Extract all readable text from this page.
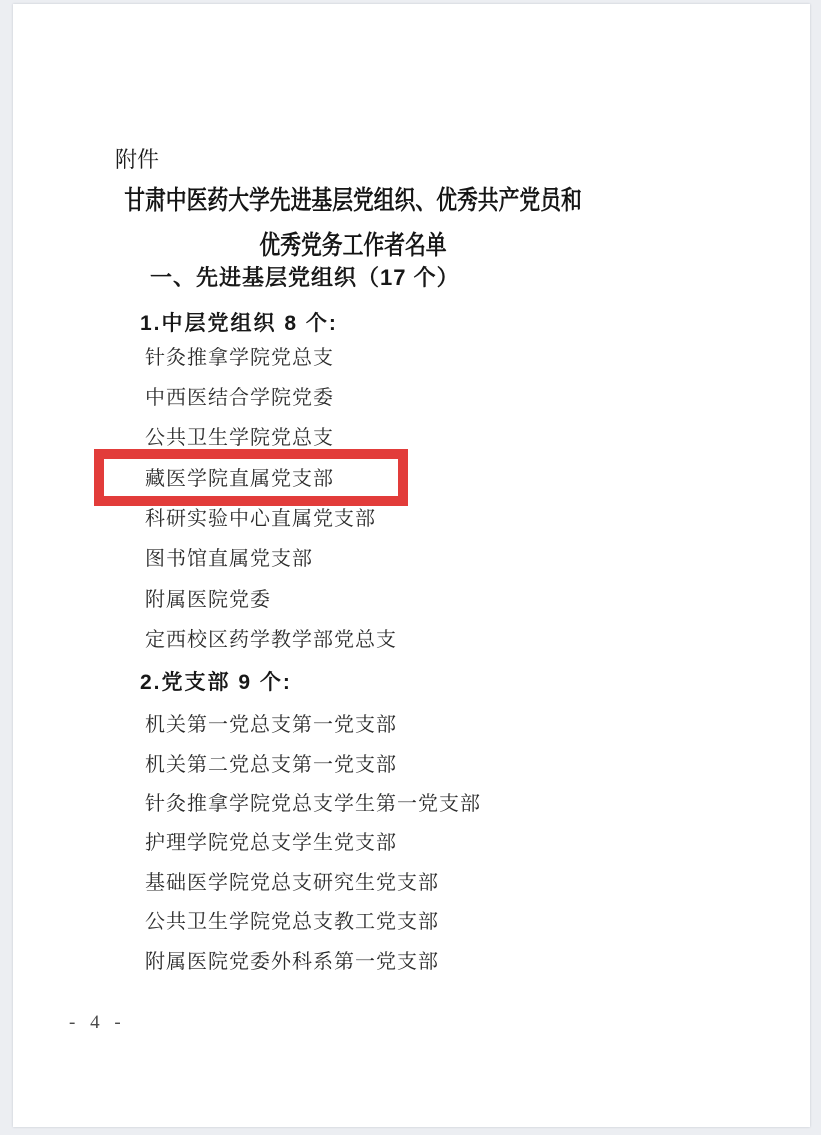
附件
甘肃中医药大学先进基层党组织、优秀共产党员和
优秀党务工作者名单
一、先进基层党组织（17 个）
1.中层党组织 8 个:
针灸推拿学院党总支
中西医结合学院党委
公共卫生学院党总支
藏医学院直属党支部
科研实验中心直属党支部
图书馆直属党支部
附属医院党委
定西校区药学教学部党总支
2.党支部 9 个:
机关第一党总支第一党支部
机关第二党总支第一党支部
针灸推拿学院党总支学生第一党支部
护理学院党总支学生党支部
基础医学院党总支研究生党支部
公共卫生学院党总支教工党支部
附属医院党委外科系第一党支部
- 4 -
